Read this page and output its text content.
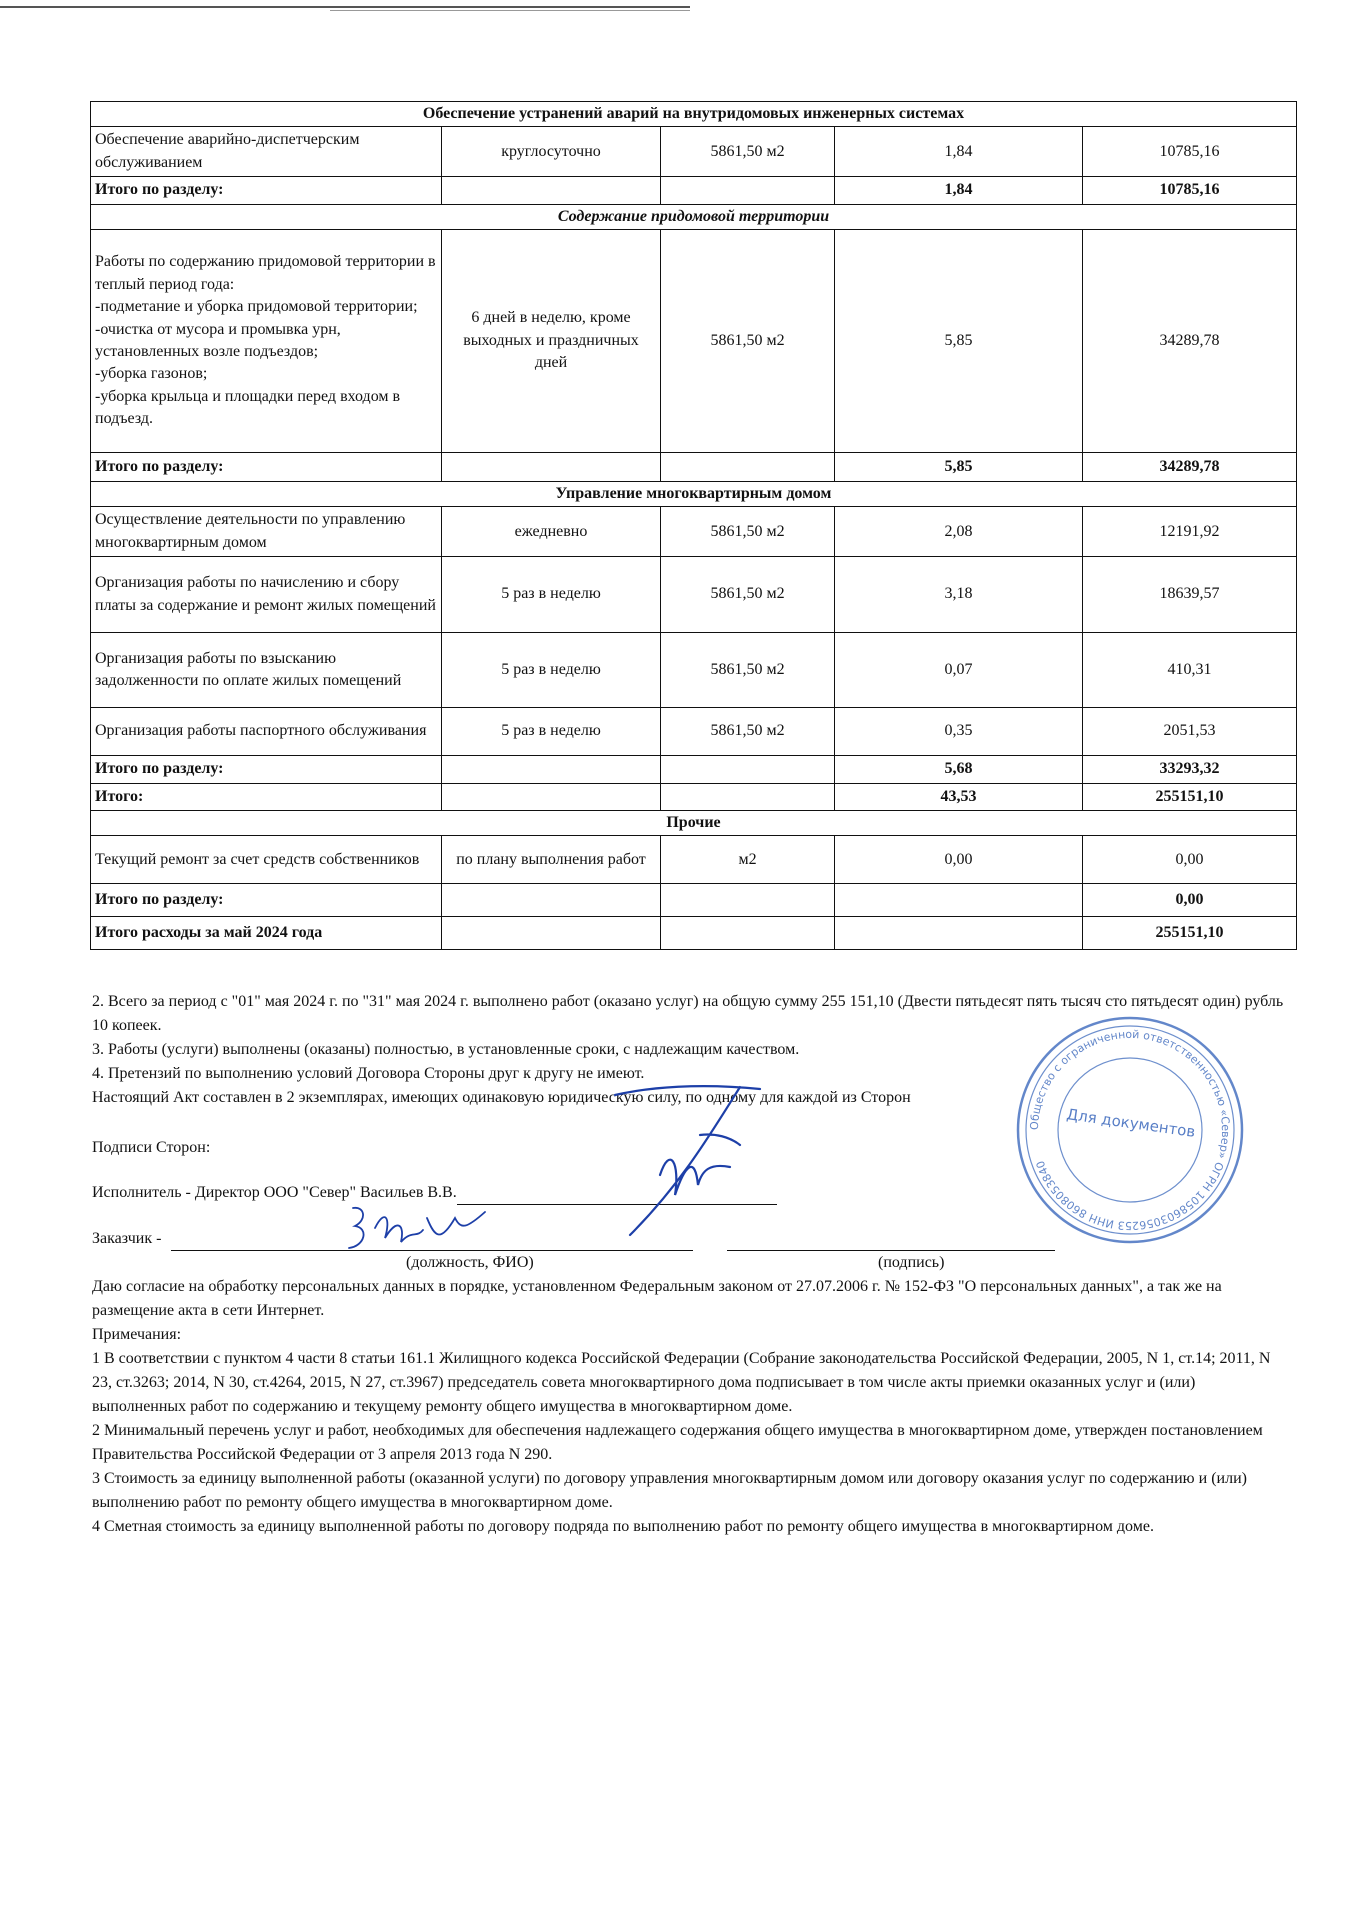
Обеспечение устранений аварий на внутридомовых инженерных системах				
Обеспечение аварийно-диспетчерским обслуживанием	круглосуточно	5861,50 м2	1,84	10785,16
Итого по разделу:			1,84	10785,16
Содержание придомовой территории				
Работы по содержанию придомовой территории в теплый период года:
-подметание и уборка придомовой территории;
-очистка от мусора и промывка урн, установленных возле подъездов;
-уборка газонов;
-уборка крыльца и площадки перед входом в подъезд.	6 дней в неделю, кроме выходных и праздничных дней	5861,50 м2	5,85	34289,78
Итого по разделу:			5,85	34289,78
Управление многоквартирным домом				
Осуществление деятельности по управлению многоквартирным домом	ежедневно	5861,50 м2	2,08	12191,92
Организация работы по начислению и сбору платы за содержание и ремонт жилых помещений	5 раз в неделю	5861,50 м2	3,18	18639,57
Организация работы по взысканию задолженности по оплате жилых помещений	5 раз в неделю	5861,50 м2	0,07	410,31
Организация работы паспортного обслуживания	5 раз в неделю	5861,50 м2	0,35	2051,53
Итого по разделу:			5,68	33293,32
Итого:			43,53	255151,10
Прочие				
Текущий ремонт за счет средств собственников	по плану выполнения работ	м2	0,00	0,00
Итого по разделу:				0,00
Итого расходы за май 2024 года				255151,10

2. Всего за период с "01" мая 2024 г. по "31" мая 2024 г. выполнено работ (оказано услуг) на общую сумму 255 151,10 (Двести пятьдесят пять тысяч сто пятьдесят один) рубль 10 копеек.

3. Работы (услуги) выполнены (оказаны) полностью, в установленные сроки, с надлежащим качеством.

4. Претензий по выполнению условий Договора Стороны друг к другу не имеют.

Настоящий Акт составлен в 2 экземплярах, имеющих одинаковую юридическую силу, по одному для каждой из Сторон

Подписи Сторон:
Исполнитель - Директор ООО "Север" Васильев В.В.
Заказчик -
(должность, ФИО)	(подпись)

Даю согласие на обработку персональных данных в порядке, установленном Федеральным законом от 27.07.2006 г. № 152-ФЗ "О персональных данных", а так же на размещение акта в сети Интернет.

Примечания:

1 В соответствии с пунктом 4 части 8 статьи 161.1 Жилищного кодекса Российской Федерации (Собрание законодательства Российской Федерации, 2005, N 1, ст.14; 2011, N 23, ст.3263; 2014, N 30, ст.4264, 2015, N 27, ст.3967) председатель совета многоквартирного дома подписывает в том числе акты приемки оказанных услуг и (или) выполненных работ по содержанию и текущему ремонту общего имущества в многоквартирном доме.

2 Минимальный перечень услуг и работ, необходимых для обеспечения надлежащего содержания общего имущества в многоквартирном доме, утвержден постановлением Правительства Российской Федерации от 3 апреля 2013 года N 290.

3 Стоимость за единицу выполненной работы (оказанной услуги) по договору управления многоквартирным домом или договору оказания услуг по содержанию и (или) выполнению работ по ремонту общего имущества в многоквартирном доме.

4 Сметная стоимость за единицу выполненной работы по договору подряда по выполнению работ по ремонту общего имущества в многоквартирном доме.

Общество с ограниченной ответственностью «Север» ОГРН 1058603056253 ИНН 8608053840
Для документов
